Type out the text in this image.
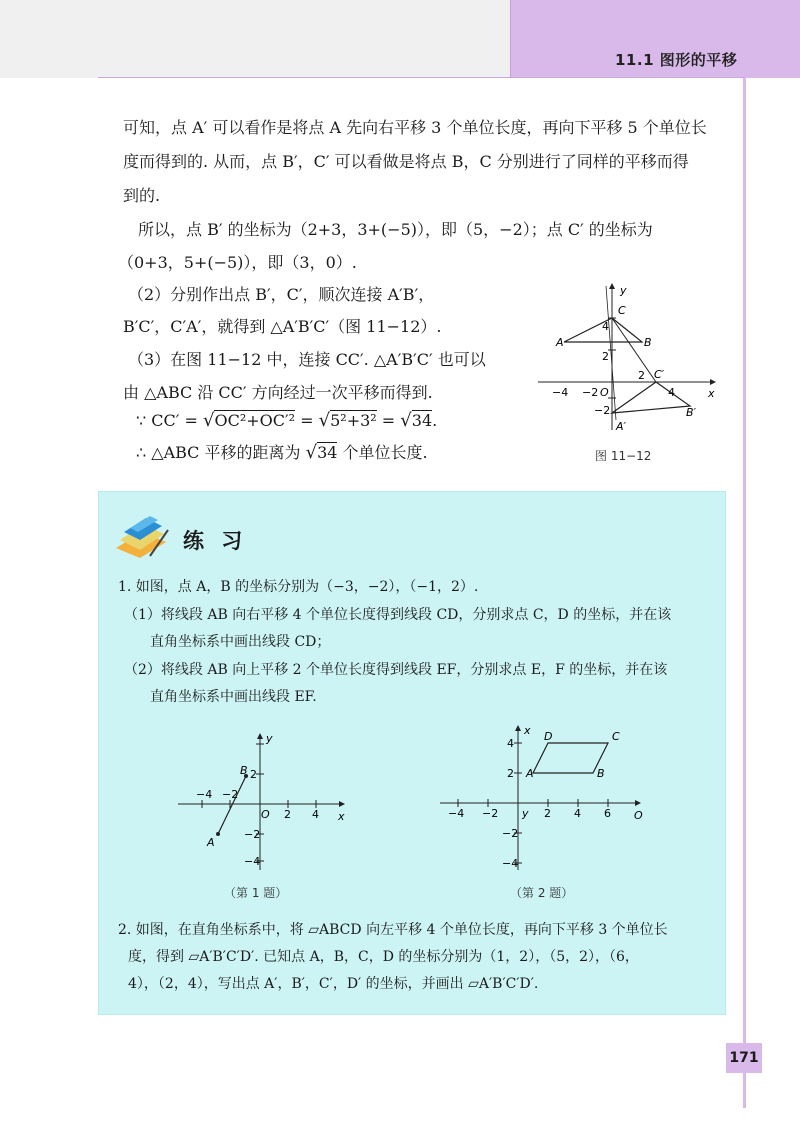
11.1 图形的平移
可知，点 A′ 可以看作是将点 A 先向右平移 3 个单位长度，再向下平移 5 个单位长
度而得到的. 从而，点 B′，C′ 可以看做是将点 B，C 分别进行了同样的平移而得
到的.
所以，点 B′ 的坐标为（2+3，3+(−5)），即（5，−2）；点 C′ 的坐标为
（0+3，5+(−5)），即（3，0）.
（2）分别作出点 B′，C′，顺次连接 A′B′，
B′C′，C′A′，就得到 △A′B′C′（图 11−12）.
（3）在图 11−12 中，连接 CC′. △A′B′C′ 也可以
由 △ABC 沿 CC′ 方向经过一次平移而得到.
∵ CC′ = √OC²+OC′² = √5²+3² = √34.
∴ △ABC 平移的距离为 √34 个单位长度.
y
x
O
−4 −2	4
4
2
−2
2
C
A	B
C′
B′
A′
图 11−12
练 习
1. 如图，点 A，B 的坐标分别为（−3，−2），（−1，2）.
（1）将线段 AB 向右平移 4 个单位长度得到线段 CD，分别求点 C，D 的坐标，并在该
直角坐标系中画出线段 CD；
（2）将线段 AB 向上平移 2 个单位长度得到线段 EF，分别求点 E，F 的坐标，并在该
直角坐标系中画出线段 EF.
y
x
O
−4 −2
2 4
2
−2
−4
A
B
（第 1 题）
x
O
y
−4 −2	2 4 6
4
2
−2
−4
A	B
C
D
（第 2 题）
2. 如图，在直角坐标系中，将 ▱ABCD 向左平移 4 个单位长度，再向下平移 3 个单位长
度，得到 ▱A′B′C′D′. 已知点 A，B，C，D 的坐标分别为（1，2），（5，2），（6，
4），（2，4），写出点 A′，B′，C′，D′ 的坐标，并画出 ▱A′B′C′D′.
171
